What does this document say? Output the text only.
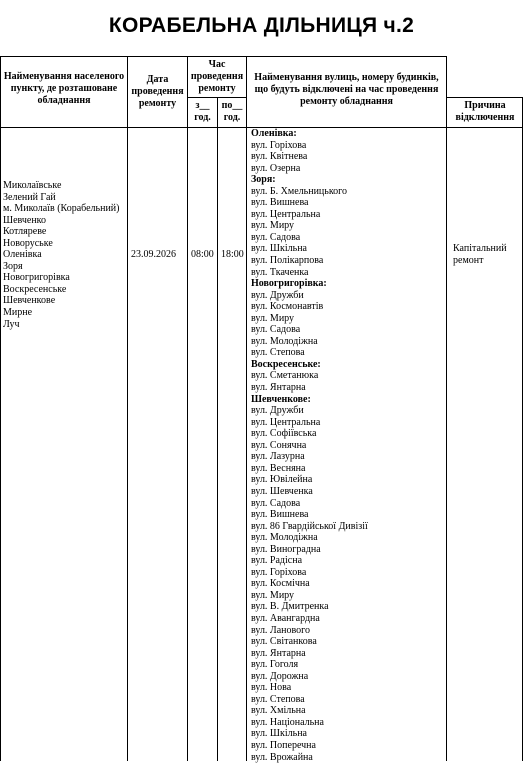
КОРАБЕЛЬНА ДІЛЬНИЦЯ ч.2
Найменування населеного пункту, де розташоване обладнання
Дата проведення ремонту
Час проведення ремонту
з__ год.
по__ год.
Найменування вулиць, номеру будинків, що будуть відключені на час проведення ремонту обладнання	Причина відключення
Миколаївське
Зелений Гай
м. Миколаїв (Корабельний)
Шевченко
Котляреве
Новоруське
Оленівка
Зоря
Новогригорівка
Воскресенське
Шевченкове
Мирне
Луч
23.09.2026 08:00 18:00
Капітальний ремонт
Оленівка:
вул. Горіхова
вул. Квітнева
вул. Озерна
Зоря:
вул. Б. Хмельницького
вул. Вишнева
вул. Центральна
вул. Миру
вул. Садова
вул. Шкільна
вул. Полікарпова
вул. Ткаченка
Новогригорівка:
вул. Дружби
вул. Космонавтів
вул. Миру
вул. Садова
вул. Молодіжна
вул. Степова
Воскресенське:
вул. Сметанюка
вул. Янтарна
Шевченкове:
вул. Дружби
вул. Центральна
вул. Софіївська
вул. Сонячна
вул. Лазурна
вул. Весняна
вул. Ювілейна
вул. Шевченка
вул. Садова
вул. Вишнева
вул. 86 Гвардійської Дивізії
вул. Молодіжна
вул. Виноградна
вул. Радісна
вул. Горіхова
вул. Космічна
вул. Миру
вул. В. Дмитренка
вул. Авангардна
вул. Ланового
вул. Світанкова
вул. Янтарна
вул. Гоголя
вул. Дорожна
вул. Нова
вул. Степова
вул. Хмільна
вул. Національна
вул. Шкільна
вул. Поперечна
вул. Врожайна
